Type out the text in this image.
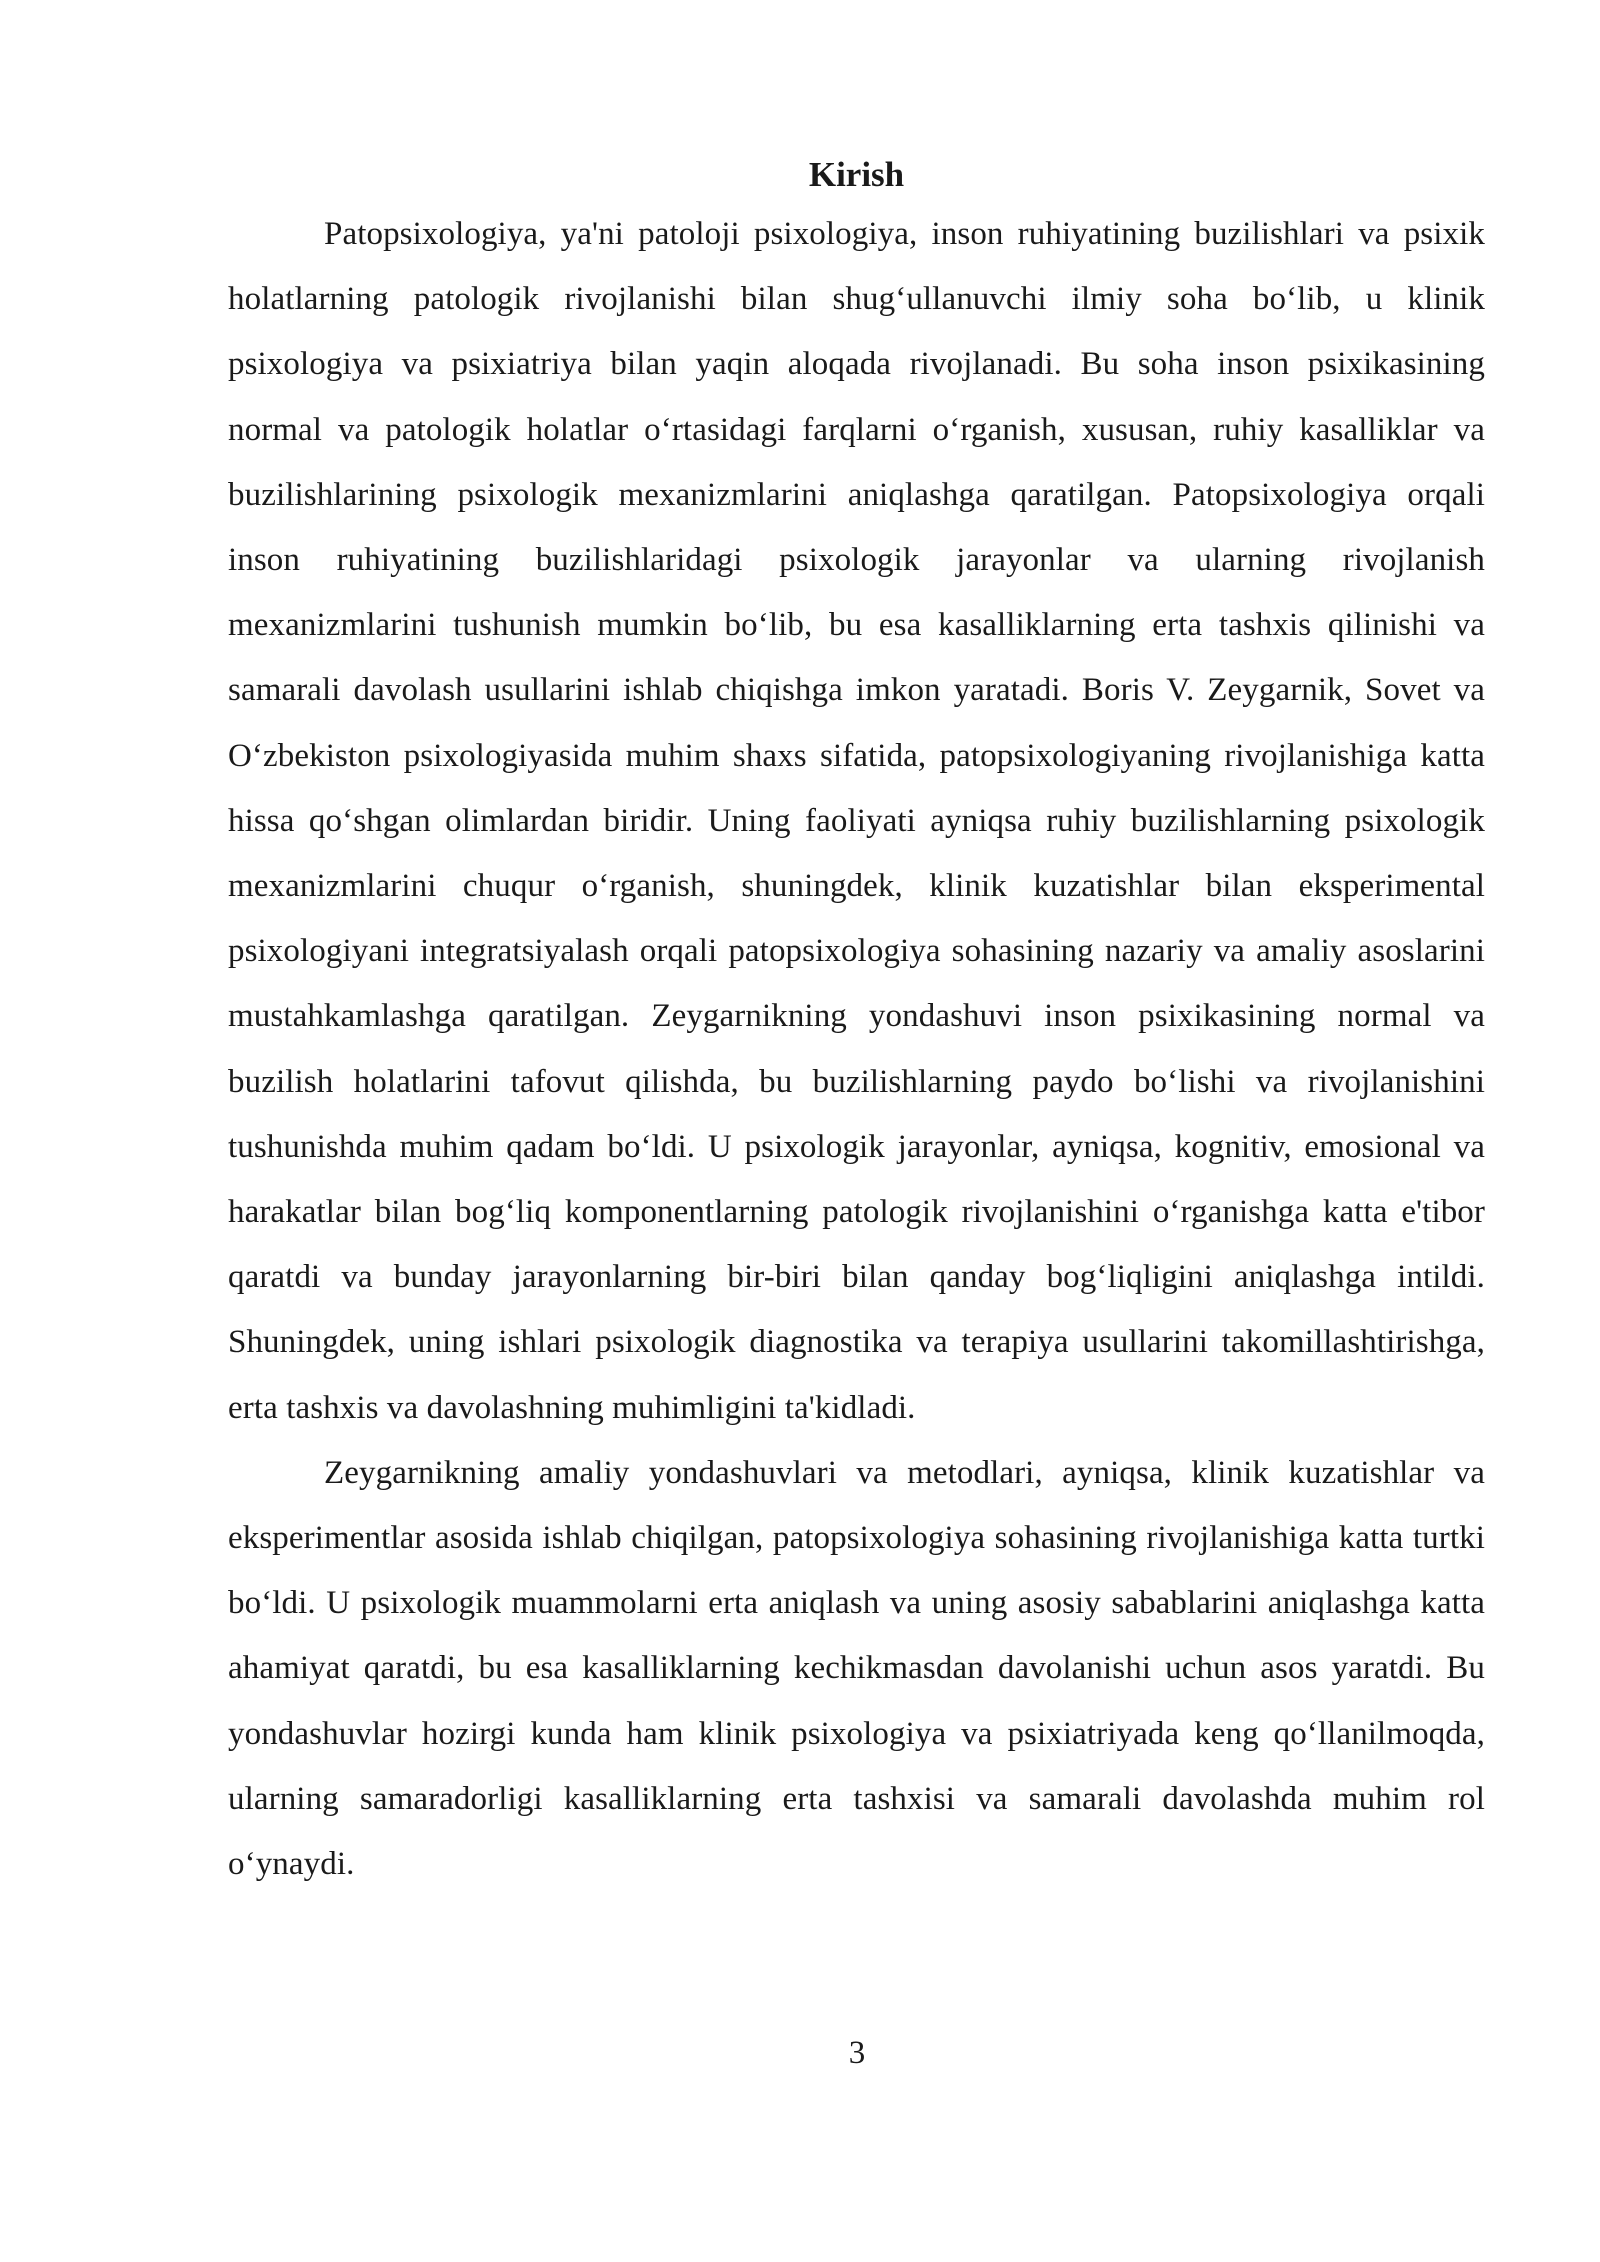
Kirish

Patopsixologiya, ya'ni patoloji psixologiya, inson ruhiyatining buzilishlari va psixik holatlarning patologik rivojlanishi bilan shug‘ullanuvchi ilmiy soha bo‘lib, u klinik psixologiya va psixiatriya bilan yaqin aloqada rivojlanadi. Bu soha inson psixikasining normal va patologik holatlar o‘rtasidagi farqlarni o‘rganish, xususan, ruhiy kasalliklar va buzilishlarining psixologik mexanizmlarini aniqlashga qaratilgan. Patopsixologiya orqali inson ruhiyatining buzilishlaridagi psixologik jarayonlar va ularning rivojlanish mexanizmlarini tushunish mumkin bo‘lib, bu esa kasalliklarning erta tashxis qilinishi va samarali davolash usullarini ishlab chiqishga imkon yaratadi. Boris V. Zeygarnik, Sovet va O‘zbekiston psixologiyasida muhim shaxs sifatida, patopsixologiyaning rivojlanishiga katta hissa qo‘shgan olimlardan biridir. Uning faoliyati ayniqsa ruhiy buzilishlarning psixologik mexanizmlarini chuqur o‘rganish, shuningdek, klinik kuzatishlar bilan eksperimental psixologiyani integratsiyalash orqali patopsixologiya sohasining nazariy va amaliy asoslarini mustahkamlashga qaratilgan. Zeygarnikning yondashuvi inson psixikasining normal va buzilish holatlarini tafovut qilishda, bu buzilishlarning paydo bo‘lishi va rivojlanishini tushunishda muhim qadam bo‘ldi. U psixologik jarayonlar, ayniqsa, kognitiv, emosional va harakatlar bilan bog‘liq komponentlarning patologik rivojlanishini o‘rganishga katta e'tibor qaratdi va bunday jarayonlarning bir-biri bilan qanday bog‘liqligini aniqlashga intildi. Shuningdek, uning ishlari psixologik diagnostika va terapiya usullarini takomillashtirishga, erta tashxis va davolashning muhimligini ta'kidladi.

Zeygarnikning amaliy yondashuvlari va metodlari, ayniqsa, klinik kuzatishlar va eksperimentlar asosida ishlab chiqilgan, patopsixologiya sohasining rivojlanishiga katta turtki bo‘ldi. U psixologik muammolarni erta aniqlash va uning asosiy sabablarini aniqlashga katta ahamiyat qaratdi, bu esa kasalliklarning kechikmasdan davolanishi uchun asos yaratdi. Bu yondashuvlar hozirgi kunda ham klinik psixologiya va psixiatriyada keng qo‘llanilmoqda, ularning samaradorligi kasalliklarning erta tashxisi va samarali davolashda muhim rol o‘ynaydi.

3
